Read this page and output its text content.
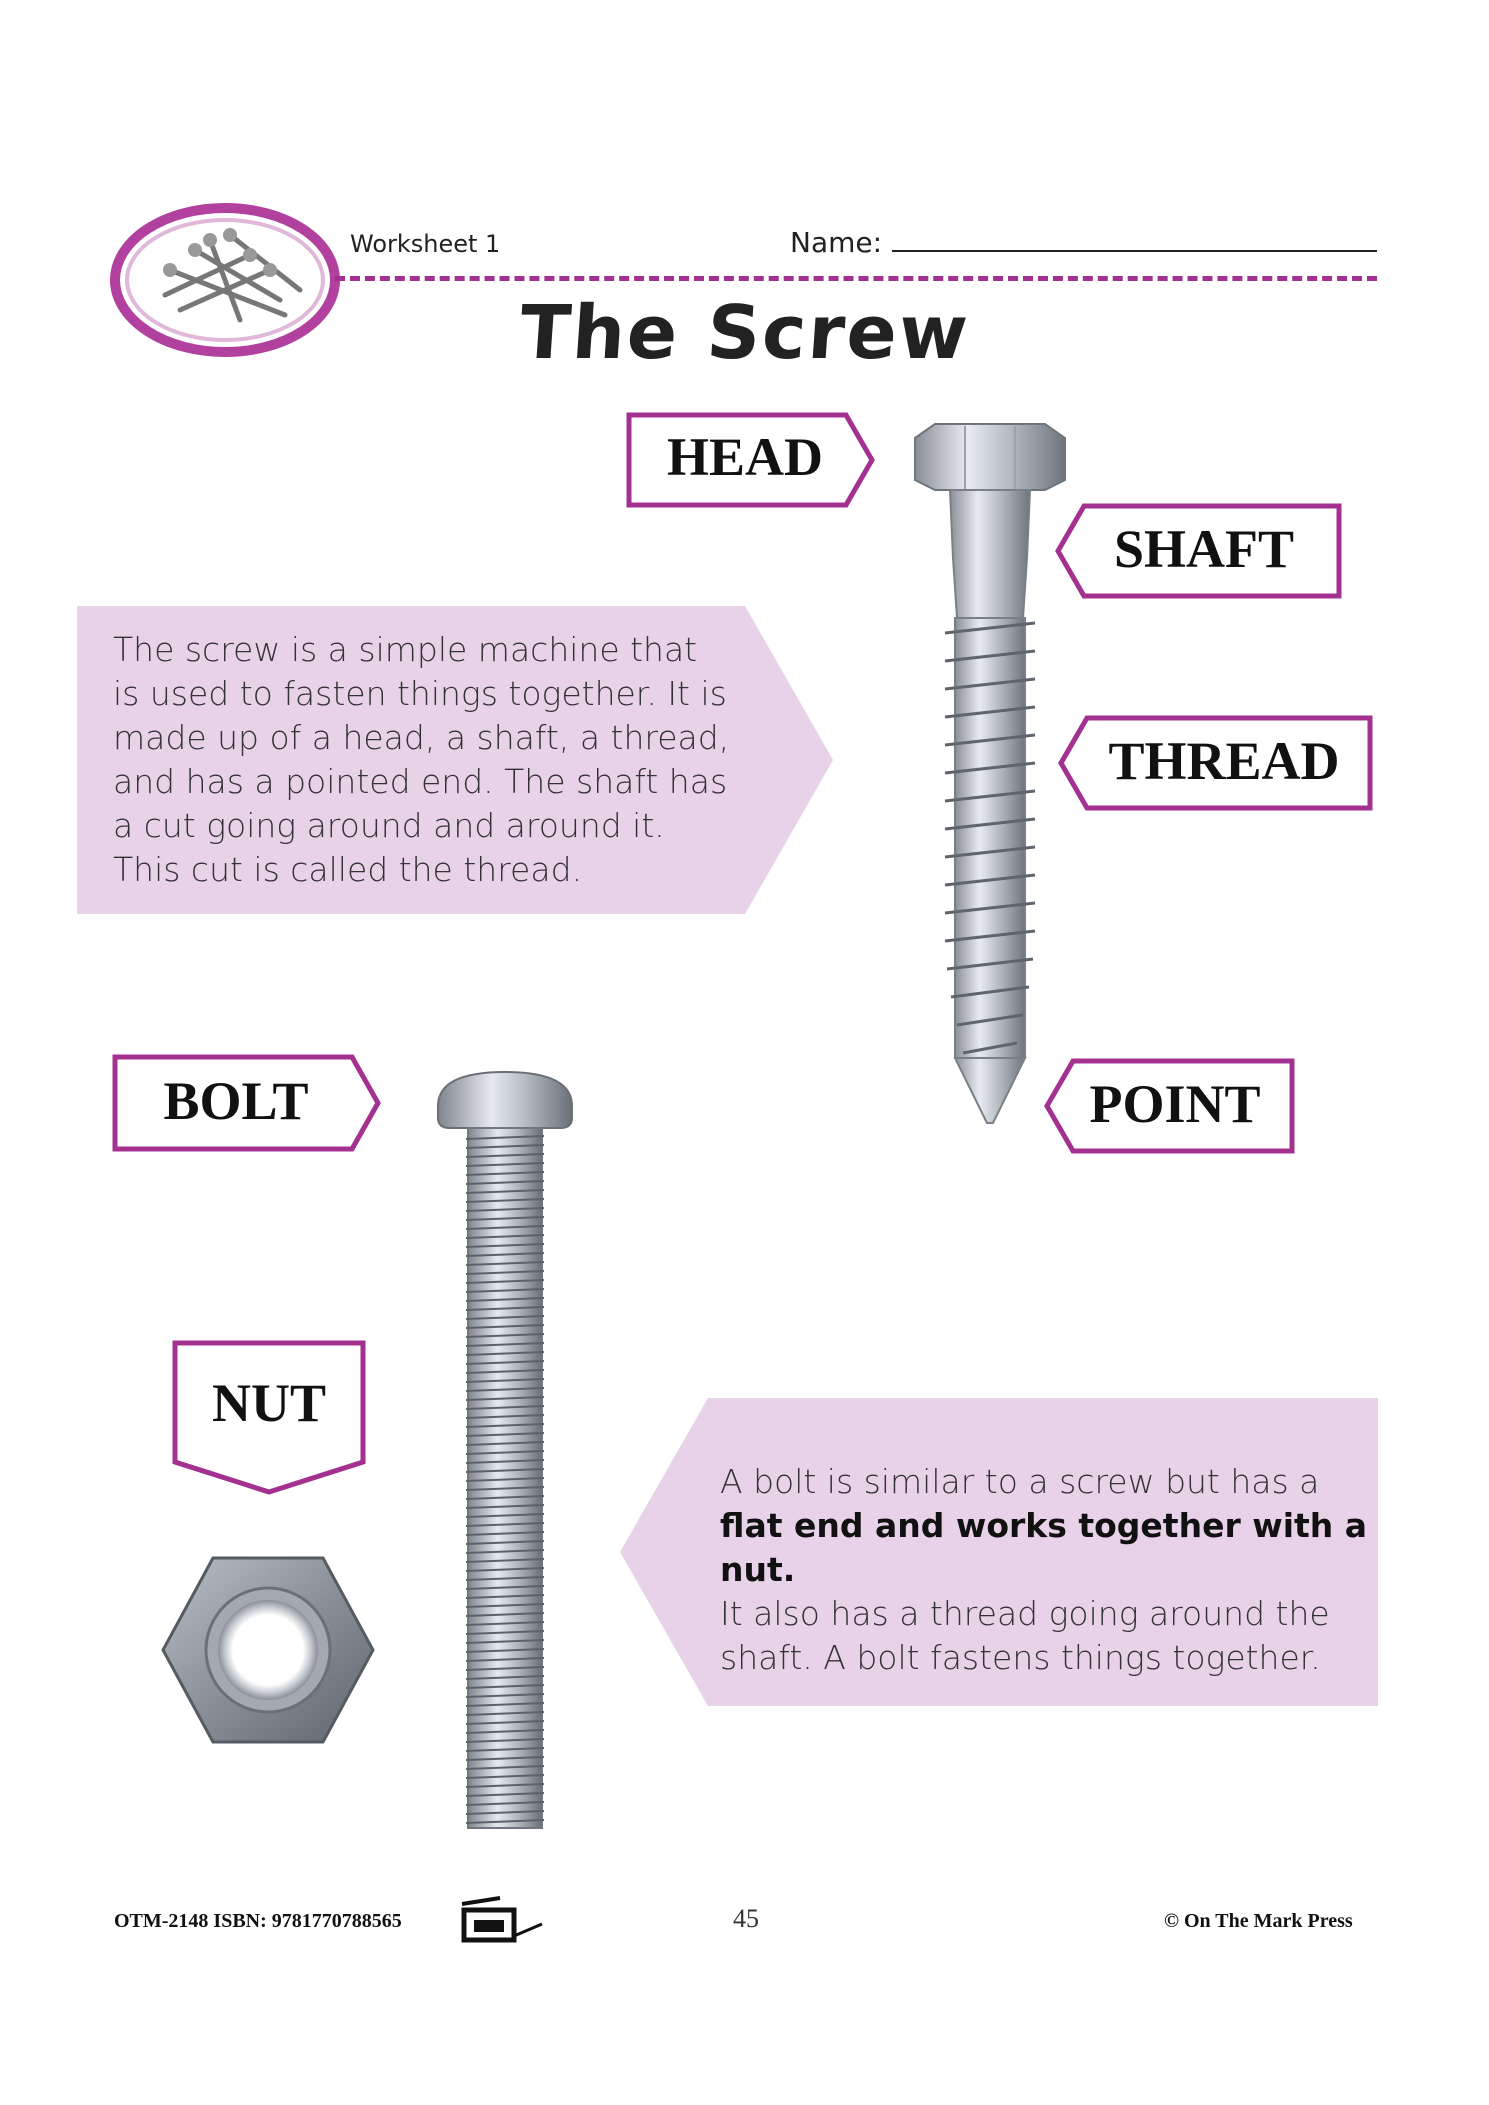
Worksheet 1	Name:
The Screw
The screw is a simple machine that
is used to fasten things together. It is
made up of a head, a shaft, a thread,
and has a pointed end. The shaft has
a cut going around and around it.
This cut is called the thread.
A bolt is similar to a screw but has a
flat end and works together with a nut.
It also has a thread going around the
shaft. A bolt fastens things together.
HEAD
SHAFT
THREAD
POINT
BOLT
NUT
OTM-2148 ISBN: 9781770788565	45	© On The Mark Press
